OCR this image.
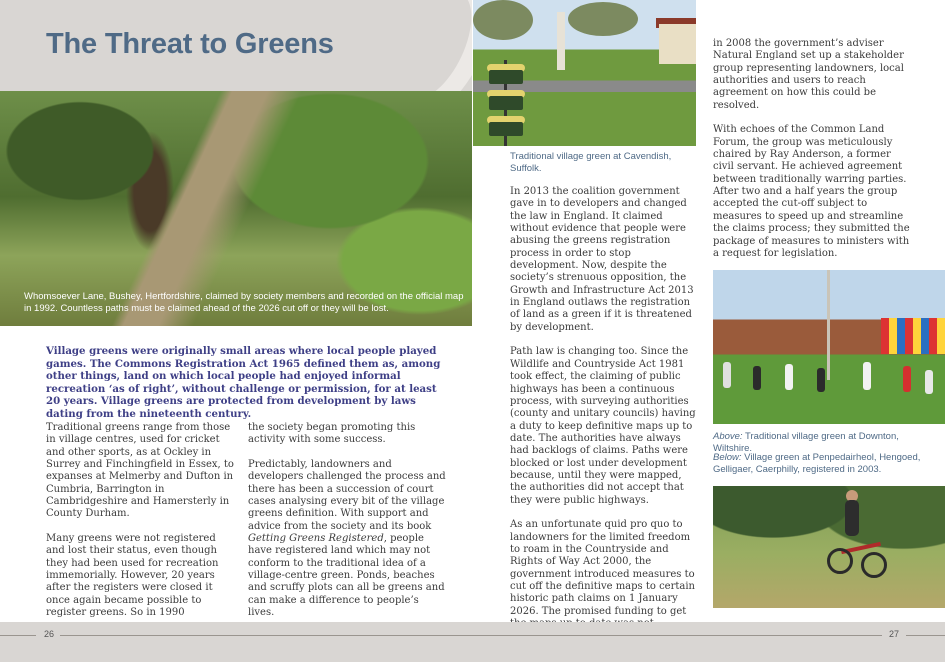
The Threat to Greens
Whomsoever Lane, Bushey, Hertfordshire, claimed by society members and recorded on the official map in 1992. Countless paths must be claimed ahead of the 2026 cut off or they will be lost.
Traditional village green at Cavendish, Suffolk.
Village greens were originally small areas where local people played games. The Commons Registration Act 1965 defined them as, among other things, land on which local people had enjoyed informal recreation ‘as of right’, without challenge or permission, for at least 20 years. Village greens are protected from development by laws dating from the nineteenth century.

Traditional greens range from those in village centres, used for cricket and other sports, as at Ockley in Surrey and Finchingfield in Essex, to expanses at Melmerby and Dufton in Cumbria, Barrington in Cambridgeshire and Hamersterly in County Durham.

Many greens were not registered and lost their status, even though they had been used for recreation immemorially. However, 20 years after the registers were closed it once again became possible to register greens. So in 1990

the society began promoting this activity with some success.

Predictably, landowners and developers challenged the process and there has been a succession of court cases analysing every bit of the village greens definition. With support and advice from the society and its book Getting Greens Registered, people have registered land which may not conform to the traditional idea of a village-centre green. Ponds, beaches and scruffy plots can all be greens and can make a difference to people’s lives.

In 2013 the coalition government gave in to developers and changed the law in England. It claimed without evidence that people were abusing the greens registration process in order to stop development. Now, despite the society’s strenuous opposition, the Growth and Infrastructure Act 2013 in England outlaws the registration of land as a green if it is threatened by development.

Path law is changing too. Since the Wildlife and Countryside Act 1981 took effect, the claiming of public highways has been a continuous process, with surveying authorities (county and unitary councils) having a duty to keep definitive maps up to date. The authorities have always had backlogs of claims. Paths were blocked or lost under development because, until they were mapped, the authorities did not accept that they were public highways.

As an unfortunate quid pro quo to landowners for the limited freedom to roam in the Countryside and Rights of Way Act 2000, the government introduced measures to cut off the definitive maps to certain historic path claims on 1 January 2026. The promised funding to get

in 2008 the government’s adviser Natural England set up a stakeholder group representing landowners, local authorities and users to reach agreement on how this could be resolved.

With echoes of the Common Land Forum, the group was meticulously chaired by Ray Anderson, a former civil servant. He achieved agreement between traditionally warring parties. After two and a half years the group accepted the cut-off subject to measures to speed up and streamline the claims process; they submitted the package of measures to ministers with a request for legislation.

Above: Traditional village green at Downton, Wiltshire.
Below: Village green at Penpedairheol, Hengoed, Gelligaer, Caerphilly, registered in 2003.
26	27
